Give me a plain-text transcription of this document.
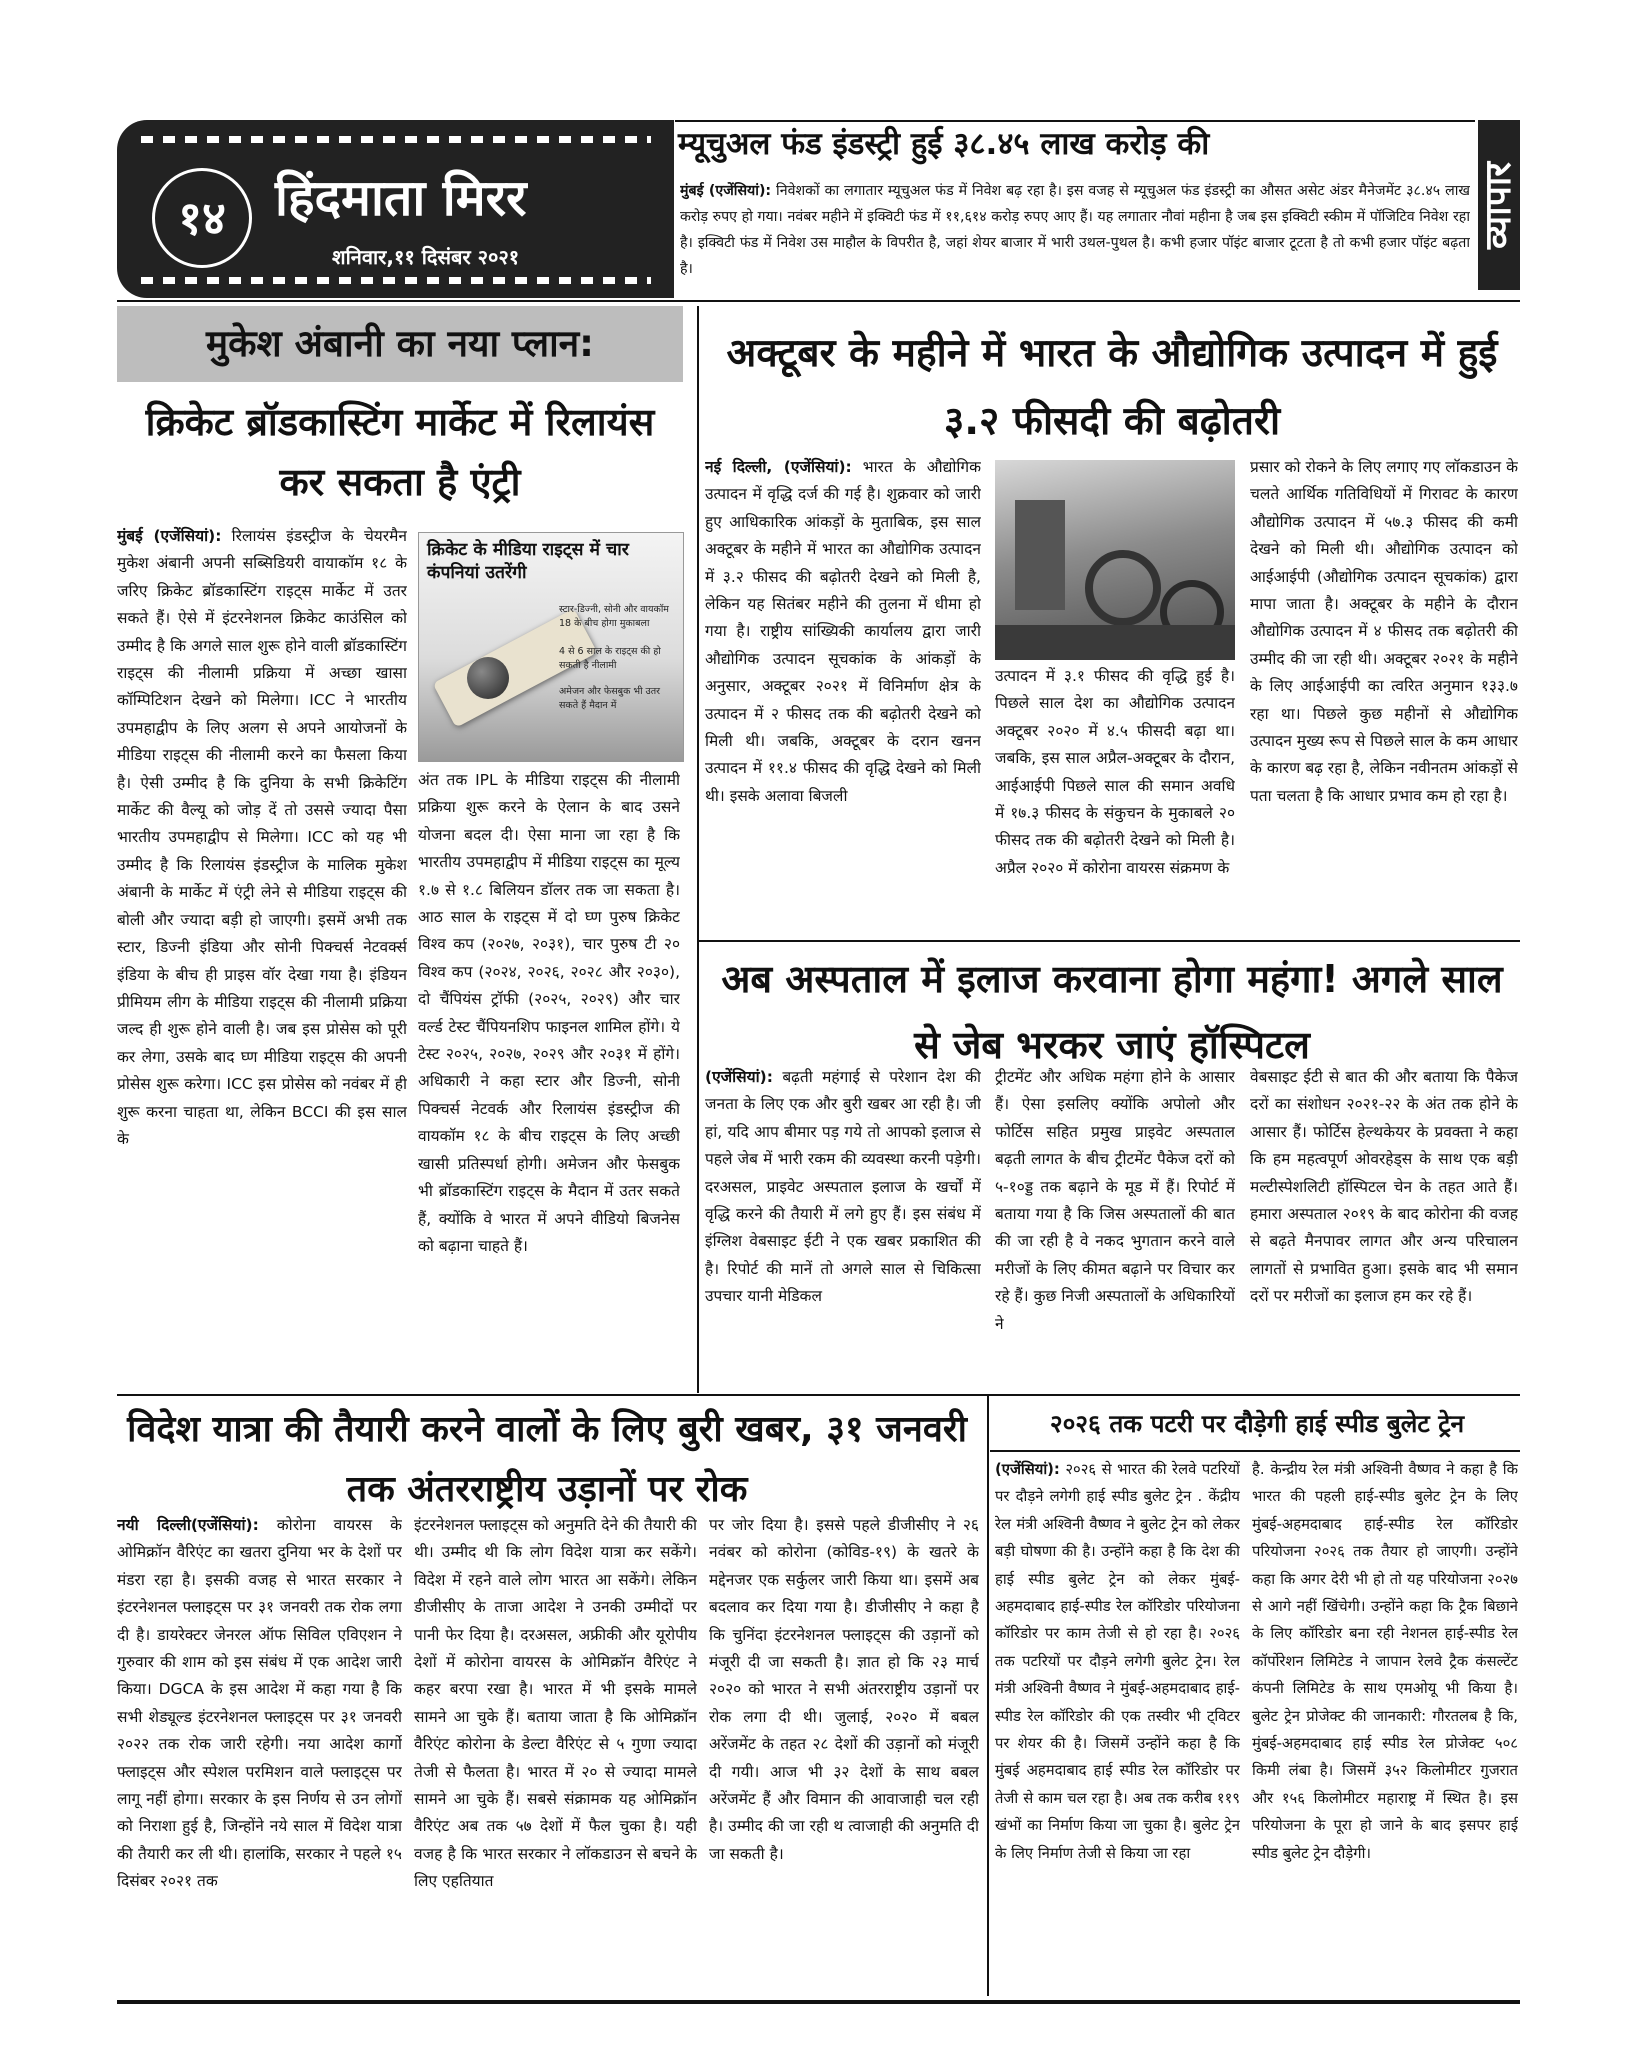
१४ हिंदमाता मिरर
शनिवार,११ दिसंबर २०२१
व्यापार
म्यूचुअल फंड इंडस्ट्री हुई ३८.४५ लाख करोड़ की

मुंबई (एजेंसियां): निवेशकों का लगातार म्यूचुअल फंड में निवेश बढ़ रहा है। इस वजह से म्यूचुअल फंड इंडस्ट्री का औसत असेट अंडर मैनेजमेंट ३८.४५ लाख करोड़ रुपए हो गया। नवंबर महीने में इक्विटी फंड में ११,६१४ करोड़ रुपए आए हैं। यह लगातार नौवां महीना है जब इस इक्विटी स्कीम में पॉजिटिव निवेश रहा है। इक्विटी फंड में निवेश उस माहौल के विपरीत है, जहां शेयर बाजार में भारी उथल-पुथल है। कभी हजार पॉइंट बाजार टूटता है तो कभी हजार पॉइंट बढ़ता है।

मुकेश अंबानी का नया प्लान:
क्रिकेट ब्रॉडकास्टिंग मार्केट में रिलायंस कर सकता है एंट्री
क्रिकेट के मीडिया राइट्स में चार कंपनियां उतरेंगी
स्टार-डिज्नी, सोनी और वायकॉम 18 के बीच होगा मुकाबला
4 से 6 साल के राइट्स की हो सकती है नीलामी
अमेजन और फेसबुक भी उतर सकते हैं मैदान में

मुंबई (एजेंसियां): रिलायंस इंडस्ट्रीज के चेयरमैन मुकेश अंबानी अपनी सब्सिडियरी वायाकॉम १८ के जरिए क्रिकेट ब्रॉडकास्टिंग राइट्स मार्केट में उतर सकते हैं। ऐसे में इंटरनेशनल क्रिकेट काउंसिल को उम्मीद है कि अगले साल शुरू होने वाली ब्रॉडकास्टिंग राइट्स की नीलामी प्रक्रिया में अच्छा खासा कॉम्पिटिशन देखने को मिलेगा। ICC ने भारतीय उपमहाद्वीप के लिए अलग से अपने आयोजनों के मीडिया राइट्स की नीलामी करने का फैसला किया है। ऐसी उम्मीद है कि दुनिया के सभी क्रिकेटिंग मार्केट की वैल्यू को जोड़ दें तो उससे ज्यादा पैसा भारतीय उपमहाद्वीप से मिलेगा। ICC को यह भी उम्मीद है कि रिलायंस इंडस्ट्रीज के मालिक मुकेश अंबानी के मार्केट में एंट्री लेने से मीडिया राइट्स की बोली और ज्यादा बड़ी हो जाएगी। इसमें अभी तक स्टार, डिज्नी इंडिया और सोनी पिक्चर्स नेटवर्क्स इंडिया के बीच ही प्राइस वॉर देखा गया है। इंडियन प्रीमियम लीग के मीडिया राइट्स की नीलामी प्रक्रिया जल्द ही शुरू होने वाली है। जब इस प्रोसेस को पूरी कर लेगा, उसके बाद घ्ण मीडिया राइट्स की अपनी प्रोसेस शुरू करेगा। ICC इस प्रोसेस को नवंबर में ही शुरू करना चाहता था, लेकिन BCCI की इस साल के

अंत तक IPL के मीडिया राइट्स की नीलामी प्रक्रिया शुरू करने के ऐलान के बाद उसने योजना बदल दी। ऐसा माना जा रहा है कि भारतीय उपमहाद्वीप में मीडिया राइट्स का मूल्य १.७ से १.८ बिलियन डॉलर तक जा सकता है। आठ साल के राइट्स में दो घ्ण पुरुष क्रिकेट विश्व कप (२०२७, २०३१), चार पुरुष टी २० विश्व कप (२०२४, २०२६, २०२८ और २०३०), दो चैंपियंस ट्रॉफी (२०२५, २०२९) और चार वर्ल्ड टेस्ट चैंपियनशिप फाइनल शामिल होंगे। ये टेस्ट २०२५, २०२७, २०२९ और २०३१ में होंगे। अधिकारी ने कहा स्टार और डिज्नी, सोनी पिक्चर्स नेटवर्क और रिलायंस इंडस्ट्रीज की वायकॉम १८ के बीच राइट्स के लिए अच्छी खासी प्रतिस्पर्धा होगी। अमेजन और फेसबुक भी ब्रॉडकास्टिंग राइट्स के मैदान में उतर सकते हैं, क्योंकि वे भारत में अपने वीडियो बिजनेस को बढ़ाना चाहते हैं।

अक्टूबर के महीने में भारत के औद्योगिक उत्पादन में हुई ३.२ फीसदी की बढ़ोतरी

नई दिल्ली, (एजेंसियां): भारत के औद्योगिक उत्पादन में वृद्धि दर्ज की गई है। शुक्रवार को जारी हुए आधिकारिक आंकड़ों के मुताबिक, इस साल अक्टूबर के महीने में भारत का औद्योगिक उत्पादन में ३.२ फीसद की बढ़ोतरी देखने को मिली है, लेकिन यह सितंबर महीने की तुलना में धीमा हो गया है। राष्ट्रीय सांख्यिकी कार्यालय द्वारा जारी औद्योगिक उत्पादन सूचकांक के आंकड़ों के अनुसार, अक्टूबर २०२१ में विनिर्माण क्षेत्र के उत्पादन में २ फीसद तक की बढ़ोतरी देखने को मिली थी। जबकि, अक्टूबर के दरान खनन उत्पादन में ११.४ फीसद की वृद्धि देखने को मिली थी। इसके अलावा बिजली

उत्पादन में ३.१ फीसद की वृद्धि हुई है। पिछले साल देश का औद्योगिक उत्पादन अक्टूबर २०२० में ४.५ फीसदी बढ़ा था। जबकि, इस साल अप्रैल-अक्टूबर के दौरान, आईआईपी पिछले साल की समान अवधि में १७.३ फीसद के संकुचन के मुकाबले २० फीसद तक की बढ़ोतरी देखने को मिली है। अप्रैल २०२० में कोरोना वायरस संक्रमण के

प्रसार को रोकने के लिए लगाए गए लॉकडाउन के चलते आर्थिक गतिविधियों में गिरावट के कारण औद्योगिक उत्पादन में ५७.३ फीसद की कमी देखने को मिली थी। औद्योगिक उत्पादन को आईआईपी (औद्योगिक उत्पादन सूचकांक) द्वारा मापा जाता है। अक्टूबर के महीने के दौरान औद्योगिक उत्पादन में ४ फीसद तक बढ़ोतरी की उम्मीद की जा रही थी। अक्टूबर २०२१ के महीने के लिए आईआईपी का त्वरित अनुमान १३३.७ रहा था। पिछले कुछ महीनों से औद्योगिक उत्पादन मुख्य रूप से पिछले साल के कम आधार के कारण बढ़ रहा है, लेकिन नवीनतम आंकड़ों से पता चलता है कि आधार प्रभाव कम हो रहा है।

अब अस्पताल में इलाज करवाना होगा महंगा! अगले साल से जेब भरकर जाएं हॉस्पिटल

(एजेंसियां): बढ़ती महंगाई से परेशान देश की जनता के लिए एक और बुरी खबर आ रही है। जी हां, यदि आप बीमार पड़ गये तो आपको इलाज से पहले जेब में भारी रकम की व्यवस्था करनी पड़ेगी। दरअसल, प्राइवेट अस्पताल इलाज के खर्चों में वृद्धि करने की तैयारी में लगे हुए हैं। इस संबंध में इंग्लिश वेबसाइट ईटी ने एक खबर प्रकाशित की है। रिपोर्ट की मानें तो अगले साल से चिकित्सा उपचार यानी मेडिकल

ट्रीटमेंट और अधिक महंगा होने के आसार हैं। ऐसा इसलिए क्योंकि अपोलो और फोर्टिस सहित प्रमुख प्राइवेट अस्पताल बढ़ती लागत के बीच ट्रीटमेंट पैकेज दरों को ५-१०ड्ड तक बढ़ाने के मूड में हैं। रिपोर्ट में बताया गया है कि जिस अस्पतालों की बात की जा रही है वे नकद भुगतान करने वाले मरीजों के लिए कीमत बढ़ाने पर विचार कर रहे हैं। कुछ निजी अस्पतालों के अधिकारियों ने

वेबसाइट ईटी से बात की और बताया कि पैकेज दरों का संशोधन २०२१-२२ के अंत तक होने के आसार हैं। फोर्टिस हेल्थकेयर के प्रवक्ता ने कहा कि हम महत्वपूर्ण ओवरहेड्स के साथ एक बड़ी मल्टीस्पेशलिटी हॉस्पिटल चेन के तहत आते हैं। हमारा अस्पताल २०१९ के बाद कोरोना की वजह से बढ़ते मैनपावर लागत और अन्य परिचालन लागतों से प्रभावित हुआ। इसके बाद भी समान दरों पर मरीजों का इलाज हम कर रहे हैं।

विदेश यात्रा की तैयारी करने वालों के लिए बुरी खबर, ३१ जनवरी तक अंतरराष्ट्रीय उड़ानों पर रोक

नयी दिल्ली(एजेंसियां): कोरोना वायरस के ओमिक्रॉन वैरिएंट का खतरा दुनिया भर के देशों पर मंडरा रहा है। इसकी वजह से भारत सरकार ने इंटरनेशनल फ्लाइट्स पर ३१ जनवरी तक रोक लगा दी है। डायरेक्टर जेनरल ऑफ सिविल एविएशन ने गुरुवार की शाम को इस संबंध में एक आदेश जारी किया। DGCA के इस आदेश में कहा गया है कि सभी शेड्यूल्ड इंटरनेशनल फ्लाइट्स पर ३१ जनवरी २०२२ तक रोक जारी रहेगी। नया आदेश कार्गो फ्लाइट्स और स्पेशल परमिशन वाले फ्लाइट्स पर लागू नहीं होगा। सरकार के इस निर्णय से उन लोगों को निराशा हुई है, जिन्होंने नये साल में विदेश यात्रा की तैयारी कर ली थी। हालांकि, सरकार ने पहले १५ दिसंबर २०२१ तक

इंटरनेशनल फ्लाइट्स को अनुमति देने की तैयारी की थी। उम्मीद थी कि लोग विदेश यात्रा कर सकेंगे। विदेश में रहने वाले लोग भारत आ सकेंगे। लेकिन डीजीसीए के ताजा आदेश ने उनकी उम्मीदों पर पानी फेर दिया है। दरअसल, अफ्रीकी और यूरोपीय देशों में कोरोना वायरस के ओमिक्रॉन वैरिएंट ने कहर बरपा रखा है। भारत में भी इसके मामले सामने आ चुके हैं। बताया जाता है कि ओमिक्रॉन वैरिएंट कोरोना के डेल्टा वैरिएंट से ५ गुणा ज्यादा तेजी से फैलता है। भारत में २० से ज्यादा मामले सामने आ चुके हैं। सबसे संक्रामक यह ओमिक्रॉन वैरिएंट अब तक ५७ देशों में फैल चुका है। यही वजह है कि भारत सरकार ने लॉकडाउन से बचने के लिए एहतियात

पर जोर दिया है। इससे पहले डीजीसीए ने २६ नवंबर को कोरोना (कोविड-१९) के खतरे के मद्देनजर एक सर्कुलर जारी किया था। इसमें अब बदलाव कर दिया गया है। डीजीसीए ने कहा है कि चुनिंदा इंटरनेशनल फ्लाइट्स की उड़ानों को मंजूरी दी जा सकती है। ज्ञात हो कि २३ मार्च २०२० को भारत ने सभी अंतरराष्ट्रीय उड़ानों पर रोक लगा दी थी। जुलाई, २०२० में बबल अरेंजमेंट के तहत २८ देशों की उड़ानों को मंजूरी दी गयी। आज भी ३२ देशों के साथ बबल अरेंजमेंट हैं और विमान की आवाजाही चल रही है। उम्मीद की जा रही थ त्वाजाही की अनुमति दी जा सकती है।

२०२६ तक पटरी पर दौड़ेगी हाई स्पीड बुलेट ट्रेन

(एजेंसियां): २०२६ से भारत की रेलवे पटरियों पर दौड़ने लगेगी हाई स्पीड बुलेट ट्रेन . केंद्रीय रेल मंत्री अश्विनी वैष्णव ने बुलेट ट्रेन को लेकर बड़ी घोषणा की है। उन्होंने कहा है कि देश की हाई स्पीड बुलेट ट्रेन को लेकर मुंबई-अहमदाबाद हाई-स्पीड रेल कॉरिडोर परियोजना कॉरिडोर पर काम तेजी से हो रहा है। २०२६ तक पटरियों पर दौड़ने लगेगी बुलेट ट्रेन। रेल मंत्री अश्विनी वैष्णव ने मुंबई-अहमदाबाद हाई-स्पीड रेल कॉरिडोर की एक तस्वीर भी ट्विटर पर शेयर की है। जिसमें उन्होंने कहा है कि मुंबई अहमदाबाद हाई स्पीड रेल कॉरिडोर पर तेजी से काम चल रहा है। अब तक करीब ११९ खंभों का निर्माण किया जा चुका है। बुलेट ट्रेन के लिए निर्माण तेजी से किया जा रहा

है. केन्द्रीय रेल मंत्री अश्विनी वैष्णव ने कहा है कि भारत की पहली हाई-स्पीड बुलेट ट्रेन के लिए मुंबई-अहमदाबाद हाई-स्पीड रेल कॉरिडोर परियोजना २०२६ तक तैयार हो जाएगी। उन्होंने कहा कि अगर देरी भी हो तो यह परियोजना २०२७ से आगे नहीं खिंचेगी। उन्होंने कहा कि ट्रैक बिछाने के लिए कॉरिडोर बना रही नेशनल हाई-स्पीड रेल कॉर्पोरेशन लिमिटेड ने जापान रेलवे ट्रैक कंसल्टेंट कंपनी लिमिटेड के साथ एमओयू भी किया है। बुलेट ट्रेन प्रोजेक्ट की जानकारी: गौरतलब है कि, मुंबई-अहमदाबाद हाई स्पीड रेल प्रोजेक्ट ५०८ किमी लंबा है। जिसमें ३५२ किलोमीटर गुजरात और १५६ किलोमीटर महाराष्ट्र में स्थित है। इस परियोजना के पूरा हो जाने के बाद इसपर हाई स्पीड बुलेट ट्रेन दौड़ेगी।
